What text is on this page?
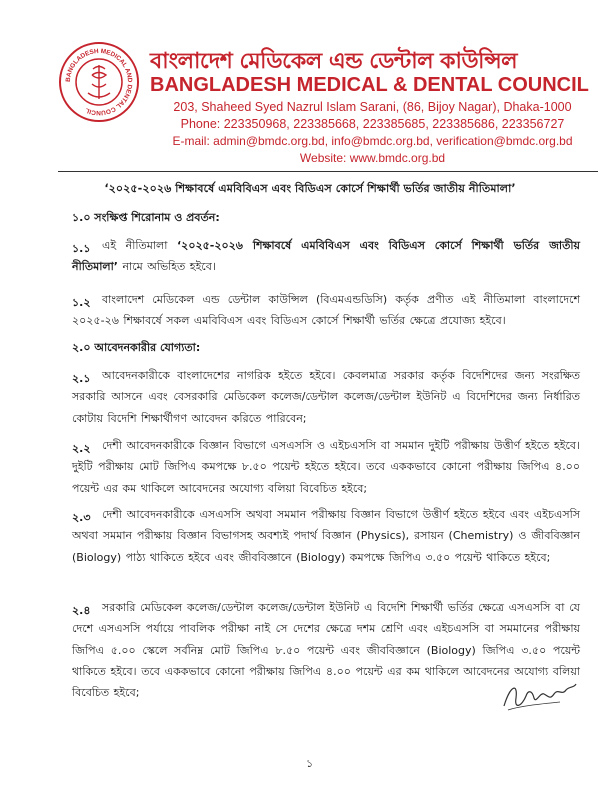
BANGLADESH MEDICAL AND DENTAL COUNCIL
বাংলাদেশ মেডিকেল এন্ড ডেন্টাল কাউন্সিল
BANGLADESH MEDICAL & DENTAL COUNCIL
203, Shaheed Syed Nazrul Islam Sarani, (86, Bijoy Nagar), Dhaka-1000
Phone: 223350968, 223385668, 223385685, 223385686, 223356727
E-mail: admin@bmdc.org.bd, info@bmdc.org.bd, verification@bmdc.org.bd
Website: www.bmdc.org.bd
‘২০২৫-২০২৬ শিক্ষাবর্ষে এমবিবিএস এবং বিডিএস কোর্সে শিক্ষার্থী ভর্তির জাতীয় নীতিমালা’
১.০ সংক্ষিপ্ত শিরোনাম ও প্রবর্তন:
১.১	এই নীতিমালা ‘২০২৫-২০২৬ শিক্ষাবর্ষে এমবিবিএস এবং বিডিএস কোর্সে শিক্ষার্থী ভর্তির জাতীয় নীতিমালা’ নামে অভিহিত হইবে।
১.২	বাংলাদেশ মেডিকেল এন্ড ডেন্টাল কাউন্সিল (বিএমএন্ডডিসি) কর্তৃক প্রণীত এই নীতিমালা বাংলাদেশে ২০২৫-২৬ শিক্ষাবর্ষে সকল এমবিবিএস এবং বিডিএস কোর্সে শিক্ষার্থী ভর্তির ক্ষেত্রে প্রযোজ্য হইবে।
২.০ আবেদনকারীর যোগ্যতা:
২.১	আবেদনকারীকে বাংলাদেশের নাগরিক হইতে হইবে। কেবলমাত্র সরকার কর্তৃক বিদেশিদের জন্য সংরক্ষিত সরকারি আসনে এবং বেসরকারি মেডিকেল কলেজ/ডেন্টাল কলেজ/ডেন্টাল ইউনিট এ বিদেশিদের জন্য নির্ধারিত কোটায় বিদেশি শিক্ষার্থীগণ আবেদন করিতে পারিবেন;
২.২	দেশী আবেদনকারীকে বিজ্ঞান বিভাগে এসএসসি ও এইচএসসি বা সমমান দুইটি পরীক্ষায় উত্তীর্ণ হইতে হইবে। দুইটি পরীক্ষায় মোট জিপিএ কমপক্ষে ৮.৫০ পয়েন্ট হইতে হইবে। তবে এককভাবে কোনো পরীক্ষায় জিপিএ ৪.০০ পয়েন্ট এর কম থাকিলে আবেদনের অযোগ্য বলিয়া বিবেচিত হইবে;
২.৩	দেশী আবেদনকারীকে এসএসসি অথবা সমমান পরীক্ষায় বিজ্ঞান বিভাগে উত্তীর্ণ হইতে হইবে এবং এইচএসসি অথবা সমমান পরীক্ষায় বিজ্ঞান বিভাগসহ অবশ্যই পদার্থ বিজ্ঞান (Physics), রসায়ন (Chemistry) ও জীববিজ্ঞান (Biology) পাঠ্য থাকিতে হইবে এবং জীববিজ্ঞানে (Biology) কমপক্ষে জিপিএ ৩.৫০ পয়েন্ট থাকিতে হইবে;
২.৪	সরকারি মেডিকেল কলেজ/ডেন্টাল কলেজ/ডেন্টাল ইউনিট এ বিদেশি শিক্ষার্থী ভর্তির ক্ষেত্রে এসএসসি বা যে দেশে এসএসসি পর্যায়ে পাবলিক পরীক্ষা নাই সে দেশের ক্ষেত্রে দশম শ্রেণি এবং এইচএসসি বা সমমানের পরীক্ষায় জিপিএ ৫.০০ স্কেলে সর্বনিম্ন মোট জিপিএ ৮.৫০ পয়েন্ট এবং জীববিজ্ঞানে (Biology) জিপিএ ৩.৫০ পয়েন্ট থাকিতে হইবে। তবে এককভাবে কোনো পরীক্ষায় জিপিএ ৪.০০ পয়েন্ট এর কম থাকিলে আবেদনের অযোগ্য বলিয়া বিবেচিত হইবে;
১
